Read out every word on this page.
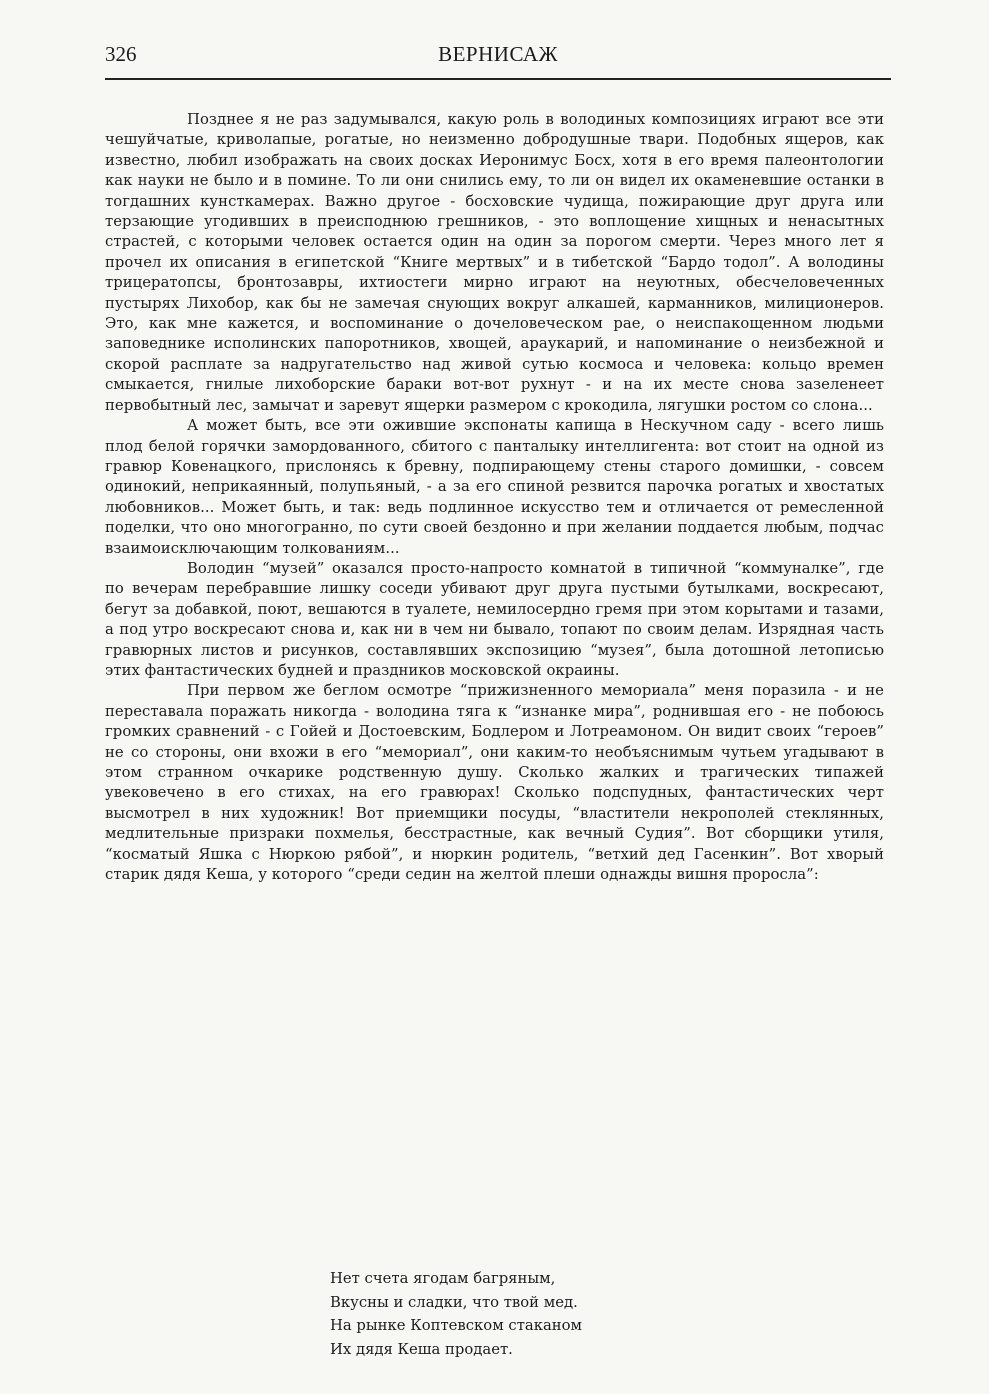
326	ВЕРНИСАЖ

Позднее я не раз задумывался, какую роль в володиных композициях играют все эти чешуйчатые, криволапые, рогатые, но неизменно добродушные твари. Подобных ящеров, как известно, любил изображать на своих досках Иеронимус Босх, хотя в его время палеонтологии как науки не было и в помине. То ли они снились ему, то ли он видел их окаменевшие останки в тогдашних кунсткамерах. Важно другое - босховские чудища, пожирающие друг друга или терзающие угодивших в преисподнюю грешников, - это воплощение хищных и ненасытных страстей, с которыми человек остается один на один за порогом смерти. Через много лет я прочел их описания в египетской “Книге мертвых” и в тибетской “Бардо тодол”. А володины трицератопсы, бронтозавры, ихтиостеги мирно играют на неуютных, обесчеловеченных пустырях Лихобор, как бы не замечая снующих вокруг алкашей, карманников, милиционеров. Это, как мне кажется, и воспоминание о дочеловеческом рае, о неиспакощенном людьми заповеднике исполинских папоротников, хвощей, араукарий, и напоминание о неизбежной и скорой расплате за надругательство над живой сутью космоса и человека: кольцо времен смыкается, гнилые лихоборские бараки вот-вот рухнут - и на их месте снова зазеленеет первобытный лес, замычат и заревут ящерки размером с крокодила, лягушки ростом со слона...

А может быть, все эти ожившие экспонаты капища в Нескучном саду - всего лишь плод белой горячки замордованного, сбитого с панталыку интеллигента: вот стоит на одной из гравюр Ковенацкого, прислонясь к бревну, подпирающему стены старого домишки, - совсем одинокий, неприкаянный, полупьяный, - а за его спиной резвится парочка рогатых и хвостатых любовников... Может быть, и так: ведь подлинное искусство тем и отличается от ремесленной поделки, что оно многогранно, по сути своей бездонно и при желании поддается любым, подчас взаимоисключающим толкованиям...

Володин “музей” оказался просто-напросто комнатой в типичной “коммуналке”, где по вечерам перебравшие лишку соседи убивают друг друга пустыми бутылками, воскресают, бегут за добавкой, поют, вешаются в туалете, немилосердно гремя при этом корытами и тазами, а под утро воскресают снова и, как ни в чем ни бывало, топают по своим делам. Изрядная часть гравюрных листов и рисунков, составлявших экспозицию “музея”, была дотошной летописью этих фантастических будней и праздников московской окраины.

При первом же беглом осмотре “прижизненного мемориала” меня поразила - и не переставала поражать никогда - володина тяга к “изнанке мира”, роднившая его - не побоюсь громких сравнений - с Гойей и Достоевским, Бодлером и Лотреамоном. Он видит своих “героев” не со стороны, они вхожи в его “мемориал”, они каким-то необъяснимым чутьем угадывают в этом странном очкарике родственную душу. Сколько жалких и трагических типажей увековечено в его стихах, на его гравюрах! Сколько подспудных, фантастических черт высмотрел в них художник! Вот приемщики посуды, “властители некрополей стеклянных, медлительные призраки похмелья, бесстрастные, как вечный Судия”. Вот сборщики утиля, “косматый Яшка с Нюркою рябой”, и нюркин родитель, “ветхий дед Гасенкин”. Вот хворый старик дядя Кеша, у которого “среди седин на желтой плеши однажды вишня проросла”:

Нет счета ягодам багряным,
Вкусны и сладки, что твой мед.
На рынке Коптевском стаканом
Их дядя Кеша продает.
